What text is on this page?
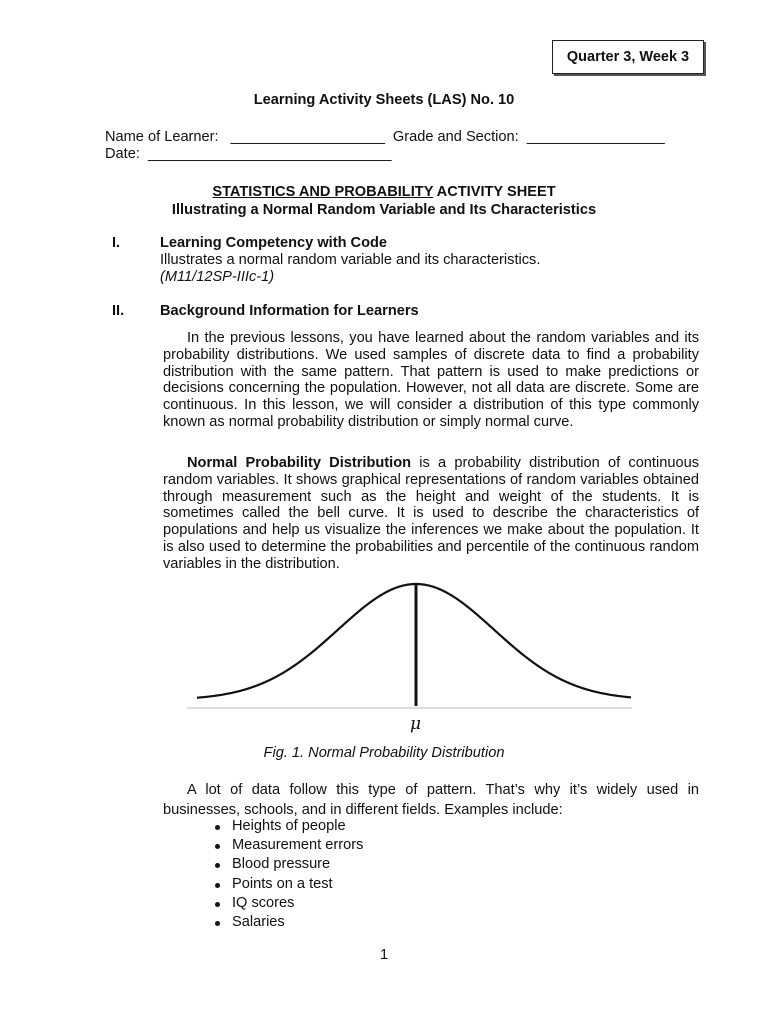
Quarter 3, Week 3
Learning Activity Sheets (LAS) No. 10
Name of Learner: ___________________ Grade and Section: _________________
Date: ______________________________
STATISTICS AND PROBABILITY ACTIVITY SHEET
Illustrating a Normal Random Variable and Its Characteristics
I.	Learning Competency with Code
Illustrates a normal random variable and its characteristics.
(M11/12SP-IIIc-1)
II. Background Information for Learners

In the previous lessons, you have learned about the random variables and its probability distributions. We used samples of discrete data to find a probability distribution with the same pattern. That pattern is used to make predictions or decisions concerning the population. However, not all data are discrete. Some are continuous. In this lesson, we will consider a distribution of this type commonly known as normal probability distribution or simply normal curve.

Normal Probability Distribution is a probability distribution of continuous random variables. It shows graphical representations of random variables obtained through measurement such as the height and weight of the students. It is sometimes called the bell curve. It is used to describe the characteristics of populations and help us visualize the inferences we make about the population. It is also used to determine the probabilities and percentile of the continuous random variables in the distribution.

μ
Fig. 1. Normal Probability Distribution

A lot of data follow this type of pattern. That’s why it’s widely used in businesses, schools, and in different fields. Examples include:

Heights of people
Measurement errors
Blood pressure
Points on a test
IQ scores
Salaries
1
